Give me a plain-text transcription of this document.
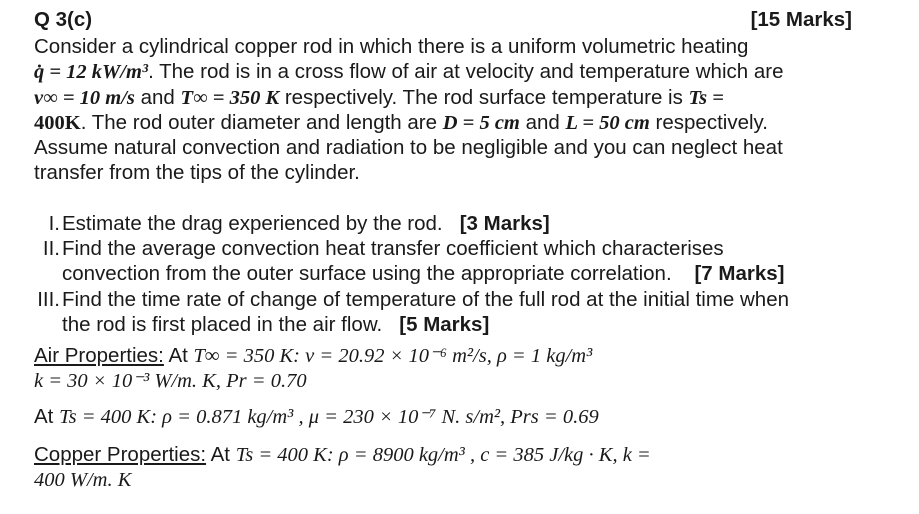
Q 3(c)	[15 Marks]
Consider a cylindrical copper rod in which there is a uniform volumetric heating
q̇ = 12 kW/m³. The rod is in a cross flow of air at velocity and temperature which are
v∞ = 10 m/s and T∞ = 350 K respectively. The rod surface temperature is Ts =
400K. The rod outer diameter and length are D = 5 cm and L = 50 cm respectively.
Assume natural convection and radiation to be negligible and you can neglect heat
transfer from the tips of the cylinder.
I. Estimate the drag experienced by the rod. [3 Marks]
II. Find the average convection heat transfer coefficient which characterises
convection from the outer surface using the appropriate correlation. [7 Marks]
III. Find the time rate of change of temperature of the full rod at the initial time when
the rod is first placed in the air flow. [5 Marks]
Air Properties: At T∞ = 350 K: ν = 20.92 × 10⁻⁶ m²/s, ρ = 1 kg/m³
k = 30 × 10⁻³ W/m. K, Pr = 0.70
At Ts = 400 K: ρ = 0.871 kg/m³ , μ = 230 × 10⁻⁷ N. s/m², Prs = 0.69
Copper Properties: At Ts = 400 K: ρ = 8900 kg/m³ , c = 385 J/kg · K, k =
400 W/m. K
